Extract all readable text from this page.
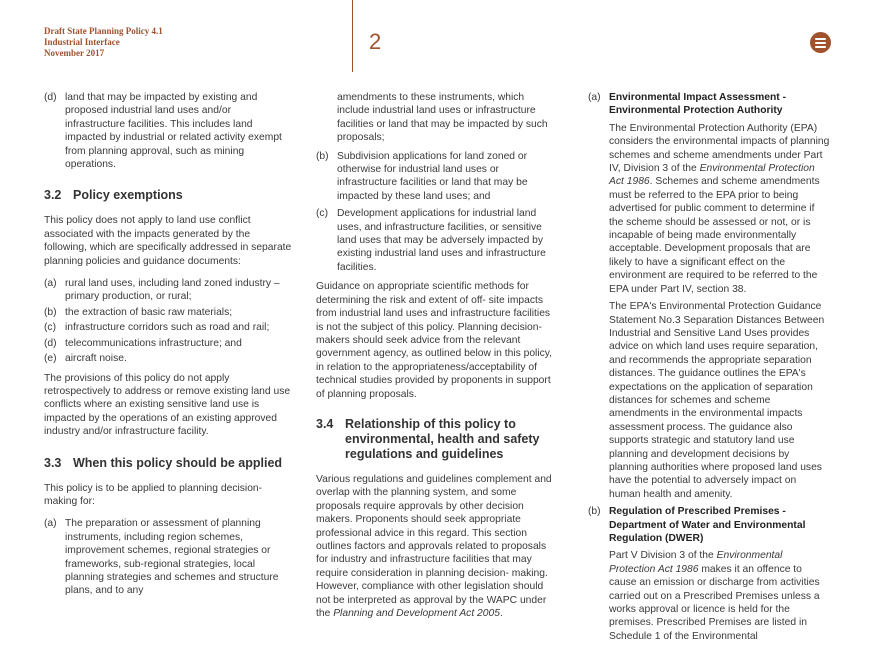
Draft State Planning Policy 4.1
Industrial Interface
November 2017	2
(d) land that may be impacted by existing and proposed industrial land uses and/or infrastructure facilities. This includes land impacted by industrial or related activity exempt from planning approval, such as mining operations.
3.2 Policy exemptions

This policy does not apply to land use conflict associated with the impacts generated by the following, which are specifically addressed in separate planning policies and guidance documents:

(a) rural land uses, including land zoned industry – primary production, or rural;
(b) the extraction of basic raw materials;
(c) infrastructure corridors such as road and rail;
(d) telecommunications infrastructure; and
(e) aircraft noise.

The provisions of this policy do not apply retrospectively to address or remove existing land use conflicts where an existing sensitive land use is impacted by the operations of an existing approved industry and/or infrastructure facility.

3.3 When this policy should be applied

This policy is to be applied to planning decision-making for:

(a) The preparation or assessment of planning instruments, including region schemes, improvement schemes, regional strategies or frameworks, sub-regional strategies, local planning strategies and schemes and structure plans, and to any

amendments to these instruments, which include industrial land uses or infrastructure facilities or land that may be impacted by such proposals;

(b) Subdivision applications for land zoned or otherwise for industrial land uses or infrastructure facilities or land that may be impacted by these land uses; and
(c) Development applications for industrial land uses, and infrastructure facilities, or sensitive land uses that may be adversely impacted by existing industrial land uses and infrastructure facilities.

Guidance on appropriate scientific methods for determining the risk and extent of off- site impacts from industrial land uses and infrastructure facilities is not the subject of this policy. Planning decision-makers should seek advice from the relevant government agency, as outlined below in this policy, in relation to the appropriateness/acceptability of technical studies provided by proponents in support of planning proposals.

3.4 Relationship of this policy to environmental, health and safety regulations and guidelines

Various regulations and guidelines complement and overlap with the planning system, and some proposals require approvals by other decision makers. Proponents should seek appropriate professional advice in this regard. This section outlines factors and approvals related to proposals for industry and infrastructure facilities that may require consideration in planning decision- making. However, compliance with other legislation should not be interpreted as approval by the WAPC under the Planning and Development Act 2005.

(a) Environmental Impact Assessment - Environmental Protection Authority

The Environmental Protection Authority (EPA) considers the environmental impacts of planning schemes and scheme amendments under Part IV, Division 3 of the Environmental Protection Act 1986. Schemes and scheme amendments must be referred to the EPA prior to being advertised for public comment to determine if the scheme should be assessed or not, or is incapable of being made environmentally acceptable. Development proposals that are likely to have a significant effect on the environment are required to be referred to the EPA under Part IV, section 38.

The EPA's Environmental Protection Guidance Statement No.3 Separation Distances Between Industrial and Sensitive Land Uses provides advice on which land uses require separation, and recommends the appropriate separation distances. The guidance outlines the EPA's expectations on the application of separation distances for schemes and scheme amendments in the environmental impacts assessment process. The guidance also supports strategic and statutory land use planning and development decisions by planning authorities where proposed land uses have the potential to adversely impact on human health and amenity.

(b) Regulation of Prescribed Premises - Department of Water and Environmental Regulation (DWER)

Part V Division 3 of the Environmental Protection Act 1986 makes it an offence to cause an emission or discharge from activities carried out on a Prescribed Premises unless a works approval or licence is held for the premises. Prescribed Premises are listed in Schedule 1 of the Environmental
